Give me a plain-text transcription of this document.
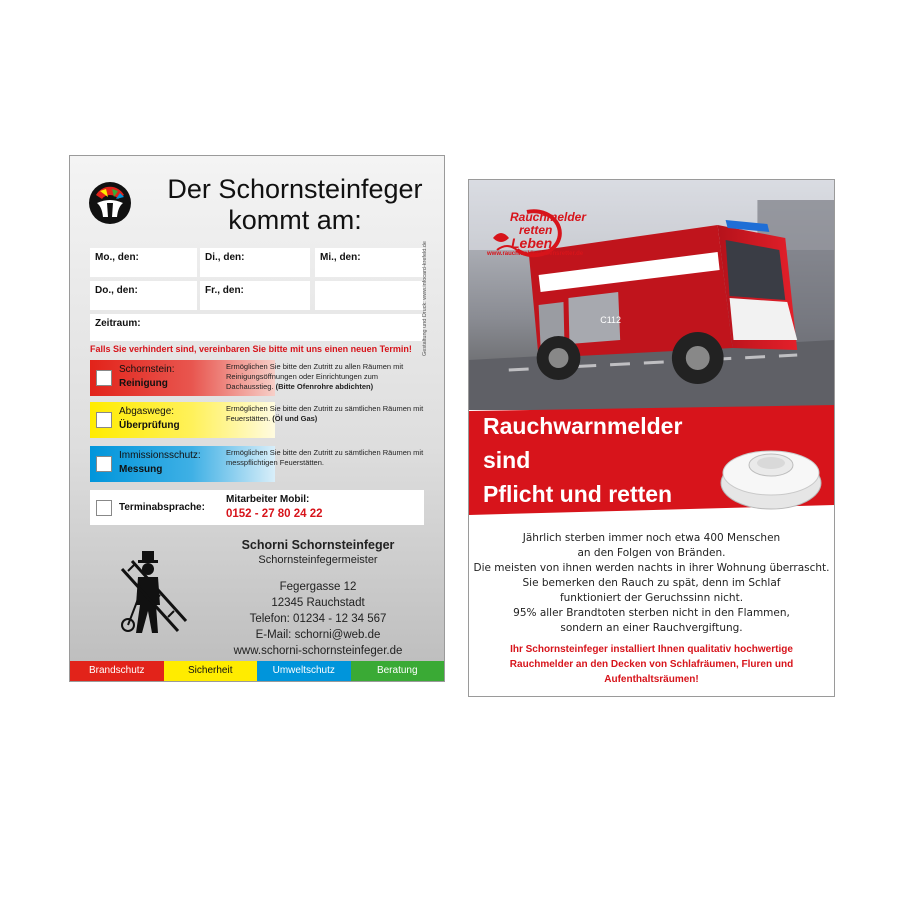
Der Schornsteinfeger
kommt am:
Mo., den:	Di., den:	Mi., den:
Do., den:	Fr., den:
Zeitraum:
Falls Sie verhindert sind, vereinbaren Sie bitte mit uns einen neuen Termin!
Schornstein:
Reinigung
Ermöglichen Sie bitte den Zutritt zu allen Räumen mit Reinigungsöffnungen oder Einrichtungen zum Dachausstieg. (Bitte Ofenrohre abdichten)
Abgaswege:
Überprüfung
Ermöglichen Sie bitte den Zutritt zu sämtlichen Räumen mit Feuerstätten. (Öl und Gas)
Immissionsschutz:
Messung
Ermöglichen Sie bitte den Zutritt zu sämtlichen Räumen mit messpflichtigen Feuerstätten.
Terminabsprache:
Mitarbeiter Mobil:
0152 - 27 80 24 22
Gestaltung und Druck: www.infocard-krefeld.de
Schorni Schornsteinfeger
Schornsteinfegermeister
Fegergasse 12
12345 Rauchstadt
Telefon: 01234 - 12 34 567
E-Mail: schorni@web.de
www.schorni-schornsteinfeger.de
Brandschutz	Sicherheit	Umweltschutz	Beratung
C112
Rauchmelder
retten
Leben
www.rauchmelder-lebensretter.de
Rauchwarnmelder sind
Pflicht und retten
Leben!
Jährlich sterben immer noch etwa 400 Menschen
an den Folgen von Bränden.
Die meisten von ihnen werden nachts in ihrer Wohnung überrascht.
Sie bemerken den Rauch zu spät, denn im Schlaf
funktioniert der Geruchssinn nicht.
95% aller Brandtoten sterben nicht in den Flammen,
sondern an einer Rauchvergiftung.
Ihr Schornsteinfeger installiert Ihnen qualitativ hochwertige
Rauchmelder an den Decken von Schlafräumen, Fluren und
Aufenthaltsräumen!
